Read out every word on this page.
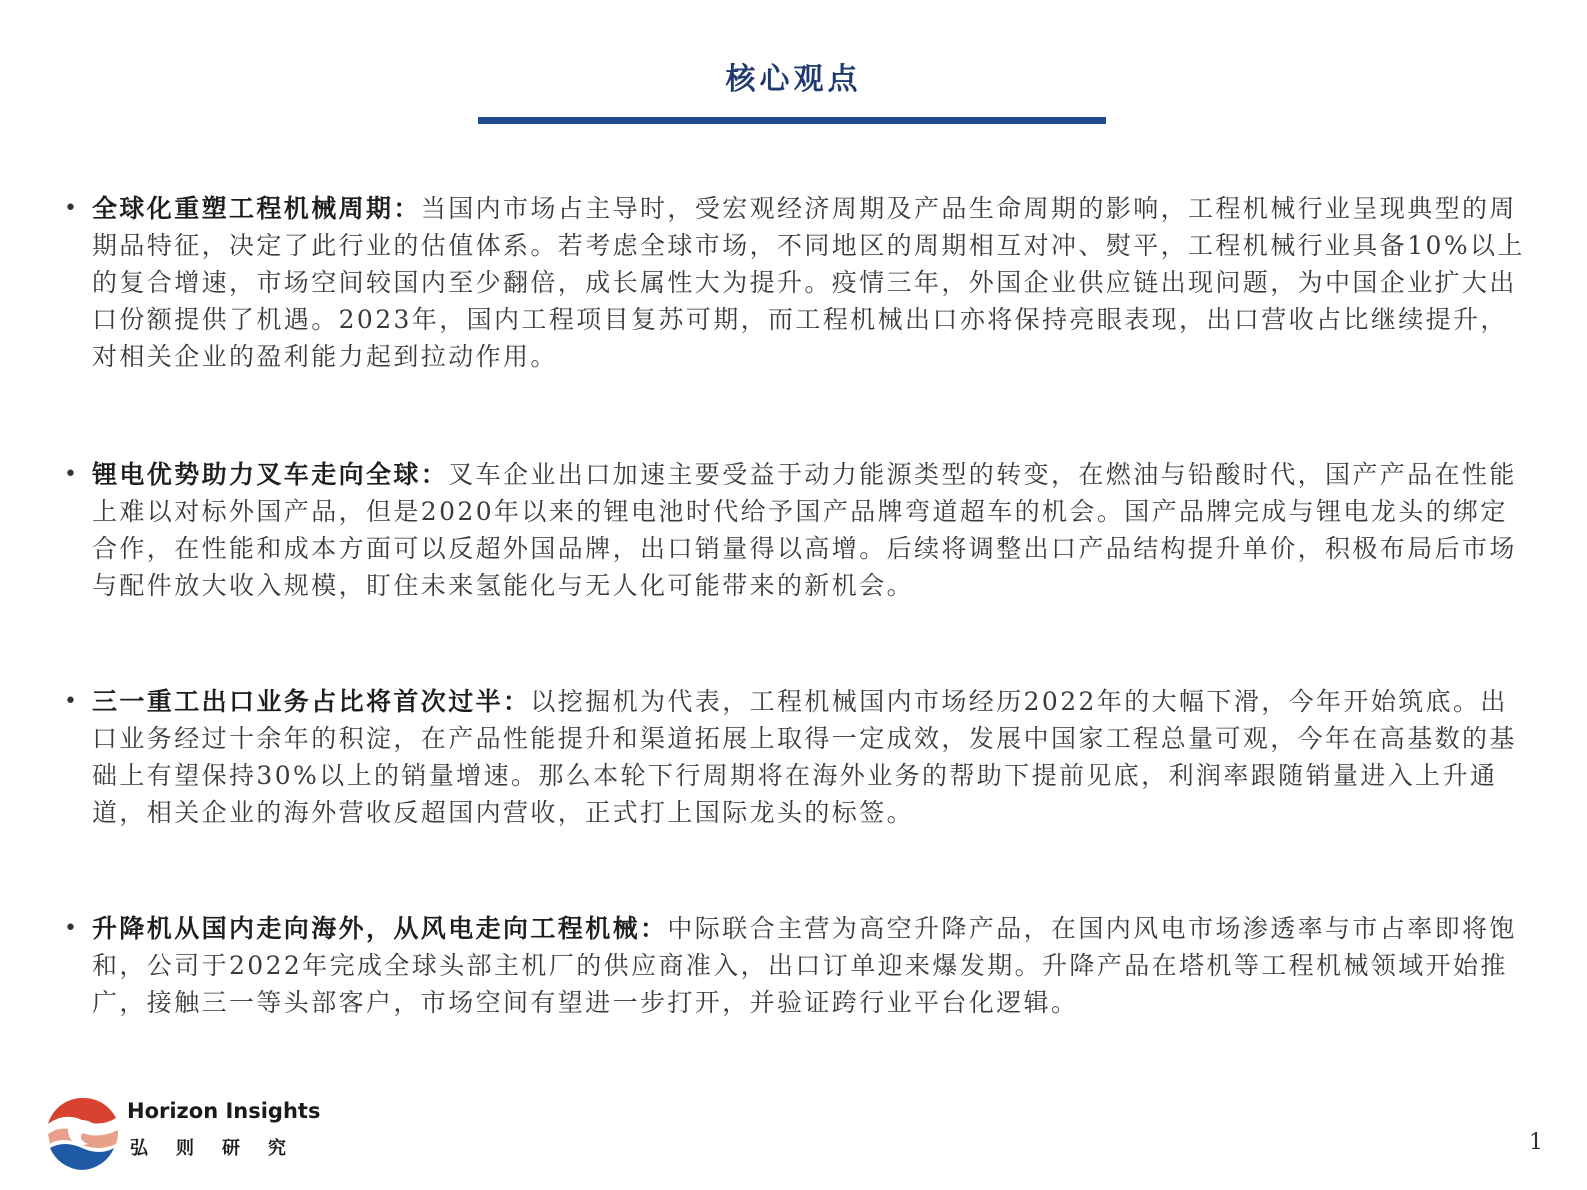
核心观点
• 全球化重塑工程机械周期：当国内市场占主导时，受宏观经济周期及产品生命周期的影响，工程机械行业呈现典型的周期品特征，决定了此行业的估值体系。若考虑全球市场，不同地区的周期相互对冲、熨平，工程机械行业具备10%以上的复合增速，市场空间较国内至少翻倍，成长属性大为提升。疫情三年，外国企业供应链出现问题，为中国企业扩大出口份额提供了机遇。2023年，国内工程项目复苏可期，而工程机械出口亦将保持亮眼表现，出口营收占比继续提升，对相关企业的盈利能力起到拉动作用。
• 锂电优势助力叉车走向全球：叉车企业出口加速主要受益于动力能源类型的转变，在燃油与铅酸时代，国产产品在性能上难以对标外国产品，但是2020年以来的锂电池时代给予国产品牌弯道超车的机会。国产品牌完成与锂电龙头的绑定合作，在性能和成本方面可以反超外国品牌，出口销量得以高增。后续将调整出口产品结构提升单价，积极布局后市场与配件放大收入规模，盯住未来氢能化与无人化可能带来的新机会。
• 三一重工出口业务占比将首次过半：以挖掘机为代表，工程机械国内市场经历2022年的大幅下滑，今年开始筑底。出口业务经过十余年的积淀，在产品性能提升和渠道拓展上取得一定成效，发展中国家工程总量可观，今年在高基数的基础上有望保持30%以上的销量增速。那么本轮下行周期将在海外业务的帮助下提前见底，利润率跟随销量进入上升通道，相关企业的海外营收反超国内营收，正式打上国际龙头的标签。
• 升降机从国内走向海外，从风电走向工程机械：中际联合主营为高空升降产品，在国内风电市场渗透率与市占率即将饱和，公司于2022年完成全球头部主机厂的供应商准入，出口订单迎来爆发期。升降产品在塔机等工程机械领域开始推广，接触三一等头部客户，市场空间有望进一步打开，并验证跨行业平台化逻辑。
Horizon Insights
弘则研究	1
